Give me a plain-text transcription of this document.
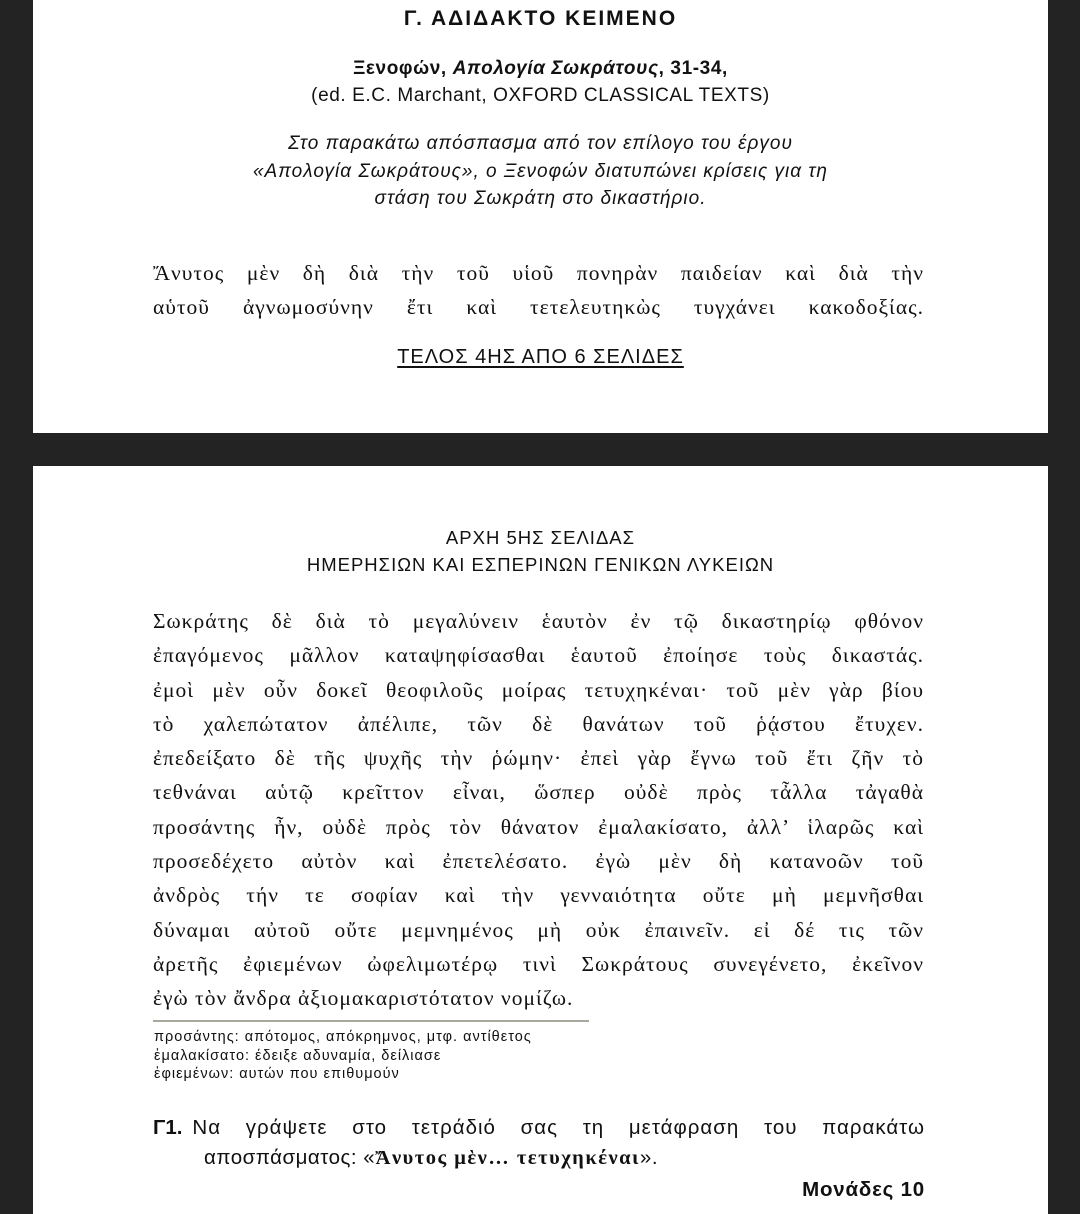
Γ. ΑΔΙΔΑΚΤΟ ΚΕΙΜΕΝΟ
Ξενοφών, Απολογία Σωκράτους, 31-34,
(ed. E.C. Marchant, OXFORD CLASSICAL TEXTS)
Στο παρακάτω απόσπασμα από τον επίλογο του έργου
«Απολογία Σωκράτους», ο Ξενοφών διατυπώνει κρίσεις για τη
στάση του Σωκράτη στο δικαστήριο.
Ἄνυτος μὲν δὴ διὰ τὴν τοῦ υἱοῦ πονηρὰν παιδείαν καὶ διὰ τὴν
αὑτοῦ ἀγνωμοσύνην ἔτι καὶ τετελευτηκὼς τυγχάνει κακοδοξίας.
ΤΕΛΟΣ 4ΗΣ ΑΠΟ 6 ΣΕΛΙΔΕΣ
ΑΡΧΗ 5ΗΣ ΣΕΛΙΔΑΣ
ΗΜΕΡΗΣΙΩΝ ΚΑΙ ΕΣΠΕΡΙΝΩΝ ΓΕΝΙΚΩΝ ΛΥΚΕΙΩΝ
Σωκράτης δὲ διὰ τὸ μεγαλύνειν ἑαυτὸν ἐν τῷ δικαστηρίῳ φθόνον
ἐπαγόμενος μᾶλλον καταψηφίσασθαι ἑαυτοῦ ἐποίησε τοὺς δικαστάς.
ἐμοὶ μὲν οὖν δοκεῖ θεοφιλοῦς μοίρας τετυχηκέναι· τοῦ μὲν γὰρ βίου
τὸ χαλεπώτατον ἀπέλιπε, τῶν δὲ θανάτων τοῦ ῥᾴστου ἔτυχεν.
ἐπεδείξατο δὲ τῆς ψυχῆς τὴν ῥώμην· ἐπεὶ γὰρ ἔγνω τοῦ ἔτι ζῆν τὸ
τεθνάναι αὑτῷ κρεῖττον εἶναι, ὥσπερ οὐδὲ πρὸς τἆλλα τἀγαθὰ
προσάντης ἦν, οὐδὲ πρὸς τὸν θάνατον ἐμαλακίσατο, ἀλλ’ ἱλαρῶς καὶ
προσεδέχετο αὐτὸν καὶ ἐπετελέσατο. ἐγὼ μὲν δὴ κατανοῶν τοῦ
ἀνδρὸς τήν τε σοφίαν καὶ τὴν γενναιότητα οὔτε μὴ μεμνῆσθαι
δύναμαι αὐτοῦ οὔτε μεμνημένος μὴ οὐκ ἐπαινεῖν. εἰ δέ τις τῶν
ἀρετῆς ἐφιεμένων ὠφελιμωτέρῳ τινὶ Σωκράτους συνεγένετο, ἐκεῖνον
ἐγὼ τὸν ἄνδρα ἀξιομακαριστότατον νομίζω.
προσάντης: απότομος, απόκρημνος, μτφ. αντίθετος
ἐμαλακίσατο: έδειξε αδυναμία, δείλιασε
ἐφιεμένων: αυτών που επιθυμούν
Γ1. Να γράψετε στο τετράδιό σας τη μετάφραση του παρακάτω
αποσπάσματος: «Ἄνυτος μὲν… τετυχηκέναι».
Μονάδες 10
